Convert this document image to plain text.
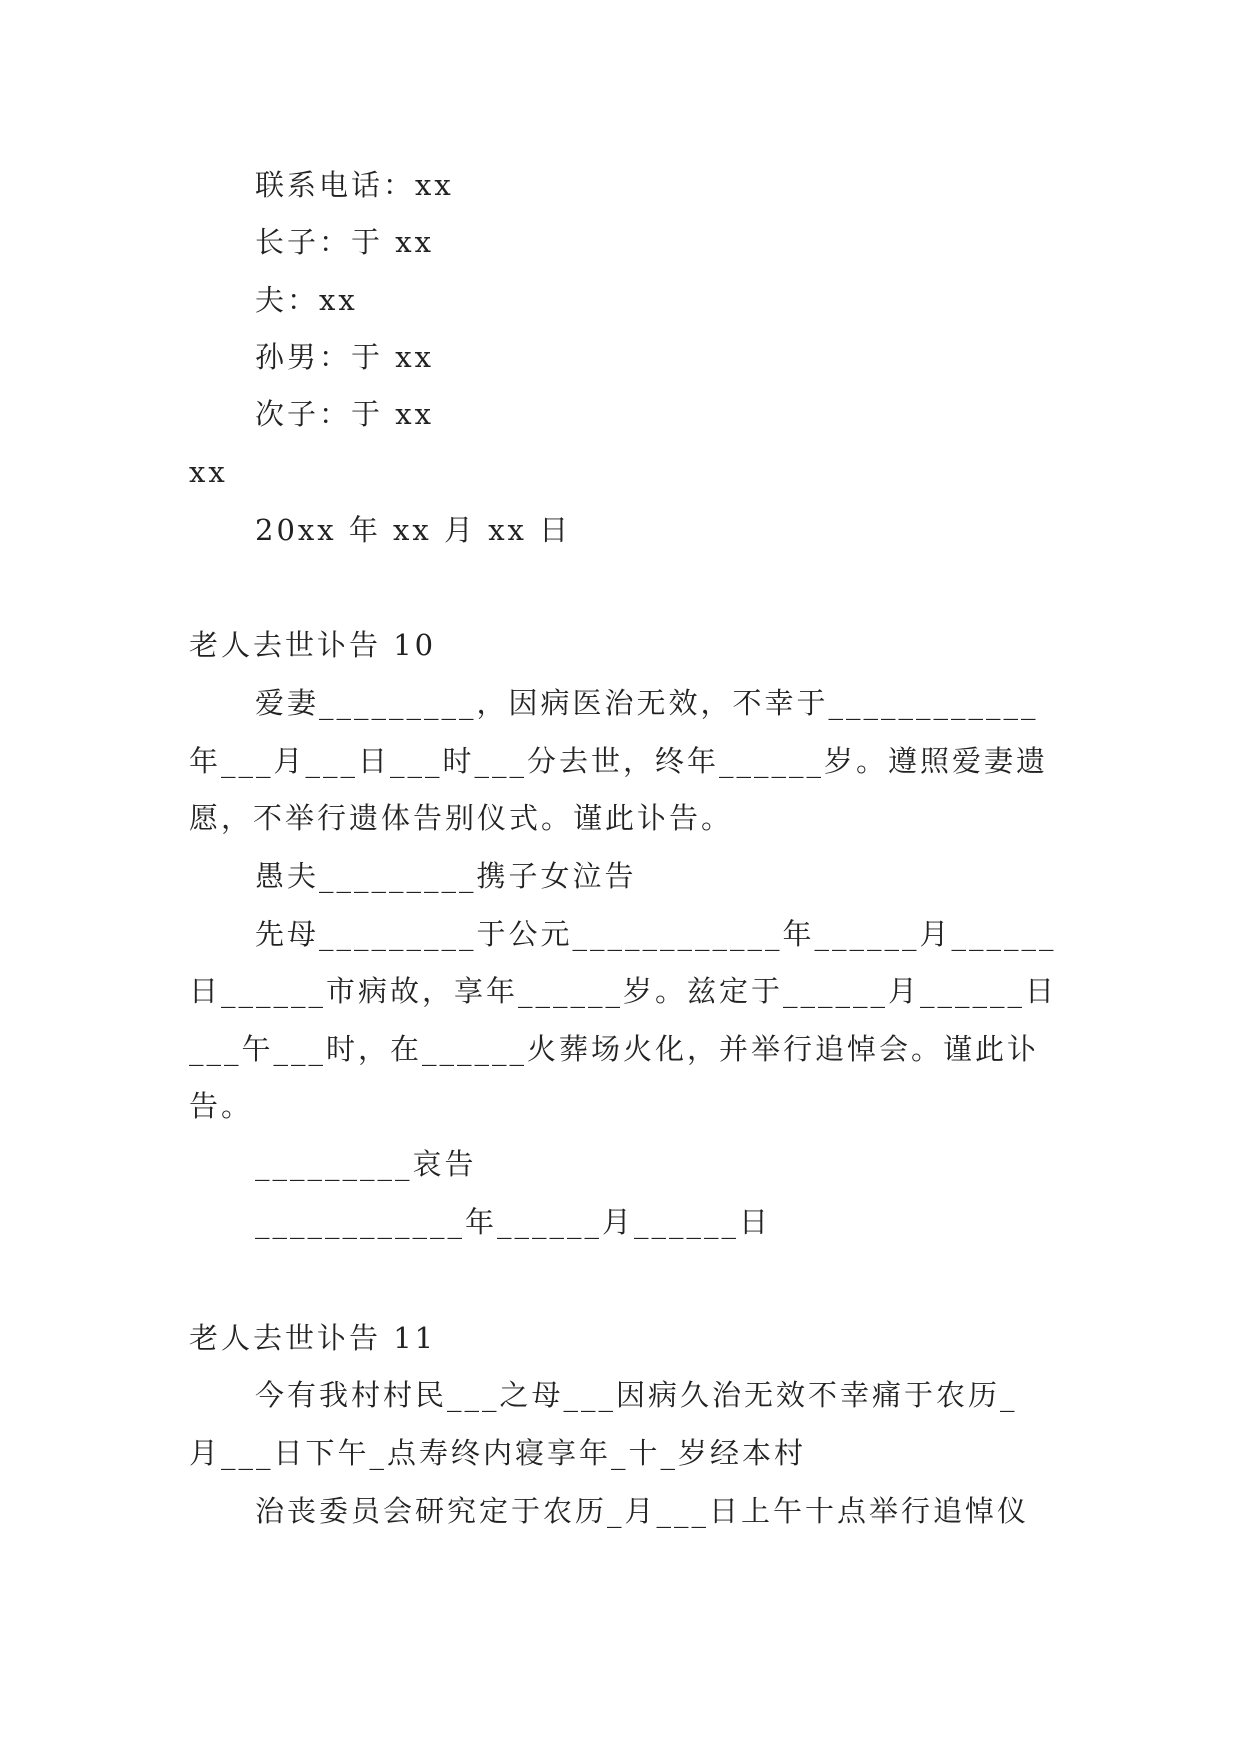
联系电话：xx
长子：于 xx
夫：xx
孙男：于 xx
次子：于 xx
xx
20xx 年 xx 月 xx 日
老人去世讣告 10
爱妻_________，因病医治无效，不幸于____________
年___月___日___时___分去世，终年______岁。遵照爱妻遗
愿，不举行遗体告别仪式。谨此讣告。
愚夫_________携子女泣告
先母_________于公元____________年______月______
日______市病故，享年______岁。兹定于______月______日
___午___时，在______火葬场火化，并举行追悼会。谨此讣
告。
_________哀告
____________年______月______日
老人去世讣告 11
今有我村村民___之母___因病久治无效不幸痛于农历_
月___日下午_点寿终内寝享年_十_岁经本村
治丧委员会研究定于农历_月___日上午十点举行追悼仪
